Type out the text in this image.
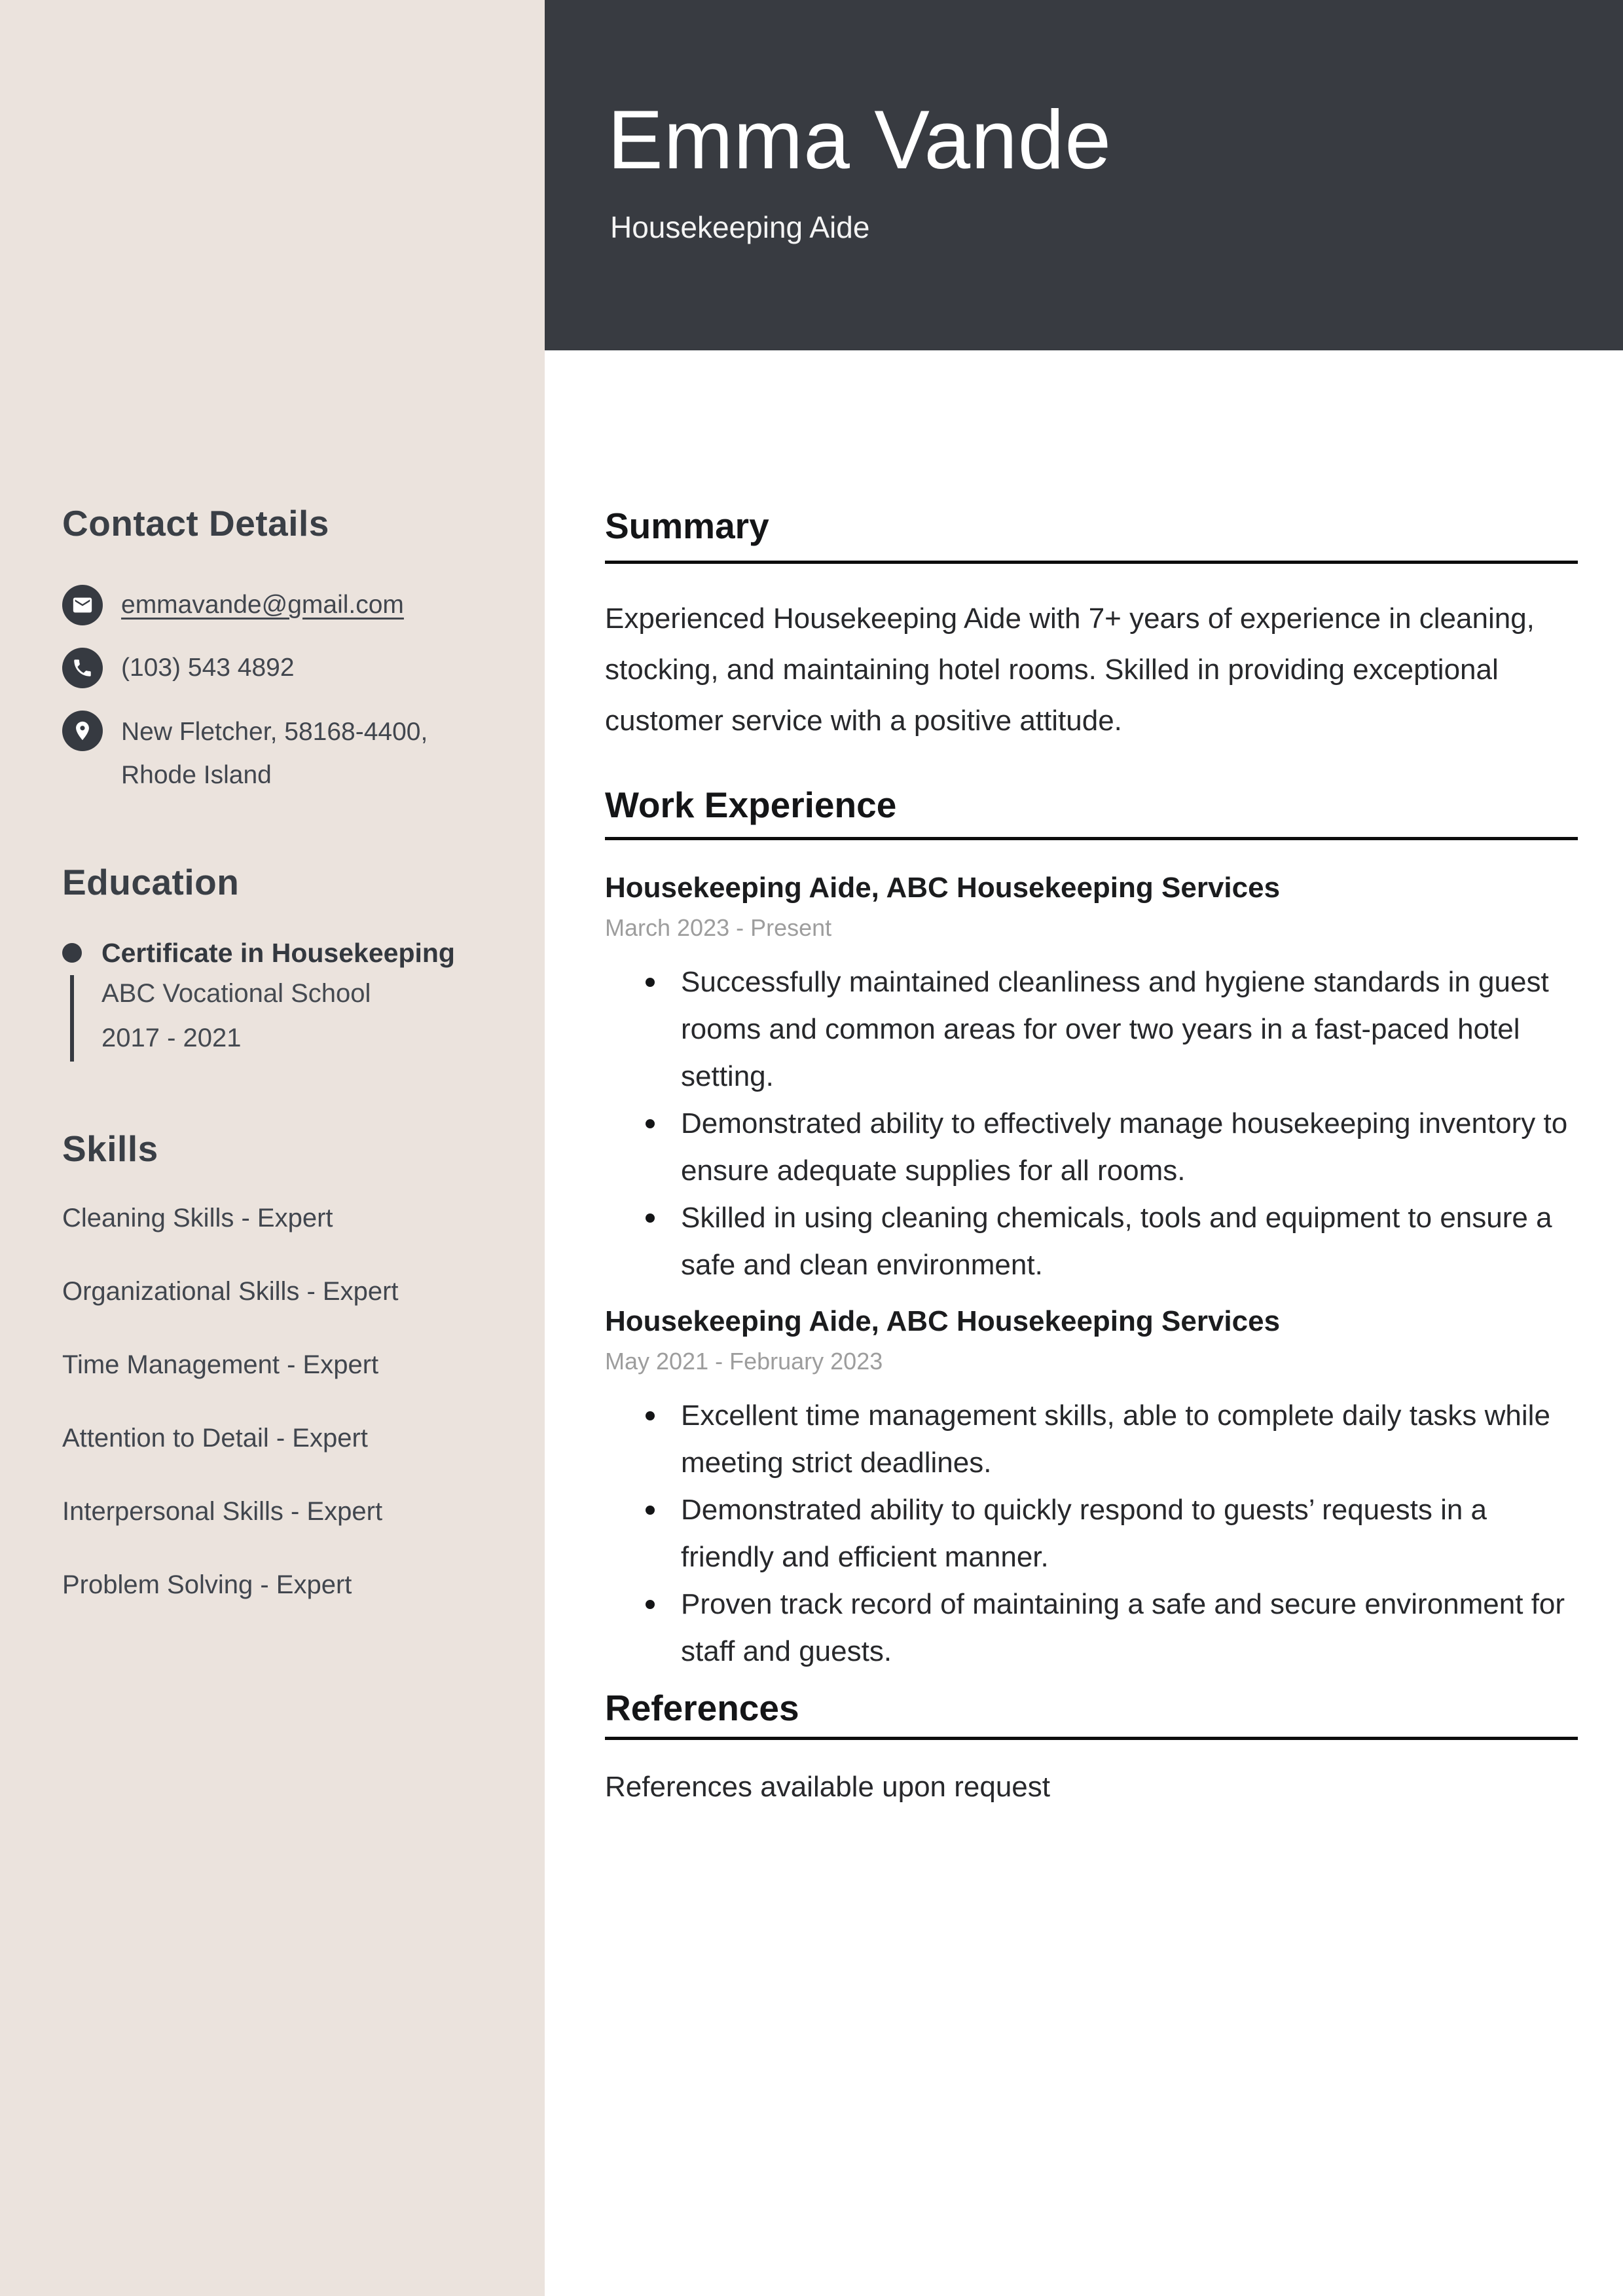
Emma Vande
Housekeeping Aide
Contact Details
emmavande@gmail.com
(103) 543 4892
New Fletcher, 58168-4400,
Rhode Island
Education
Certificate in Housekeeping
ABC Vocational School
2017 - 2021
Skills
Cleaning Skills - Expert
Organizational Skills - Expert
Time Management - Expert
Attention to Detail - Expert
Interpersonal Skills - Expert
Problem Solving - Expert
Summary
Experienced Housekeeping Aide with 7+ years of experience in cleaning, stocking, and maintaining hotel rooms. Skilled in providing exceptional customer service with a positive attitude.
Work Experience
Housekeeping Aide, ABC Housekeeping Services
March 2023 - Present
Successfully maintained cleanliness and hygiene standards in guest rooms and common areas for over two years in a fast-paced hotel setting.
Demonstrated ability to effectively manage housekeeping inventory to ensure adequate supplies for all rooms.
Skilled in using cleaning chemicals, tools and equipment to ensure a safe and clean environment.
Housekeeping Aide, ABC Housekeeping Services
May 2021 - February 2023
Excellent time management skills, able to complete daily tasks while meeting strict deadlines.
Demonstrated ability to quickly respond to guests’ requests in a friendly and efficient manner.
Proven track record of maintaining a safe and secure environment for staff and guests.
References
References available upon request
